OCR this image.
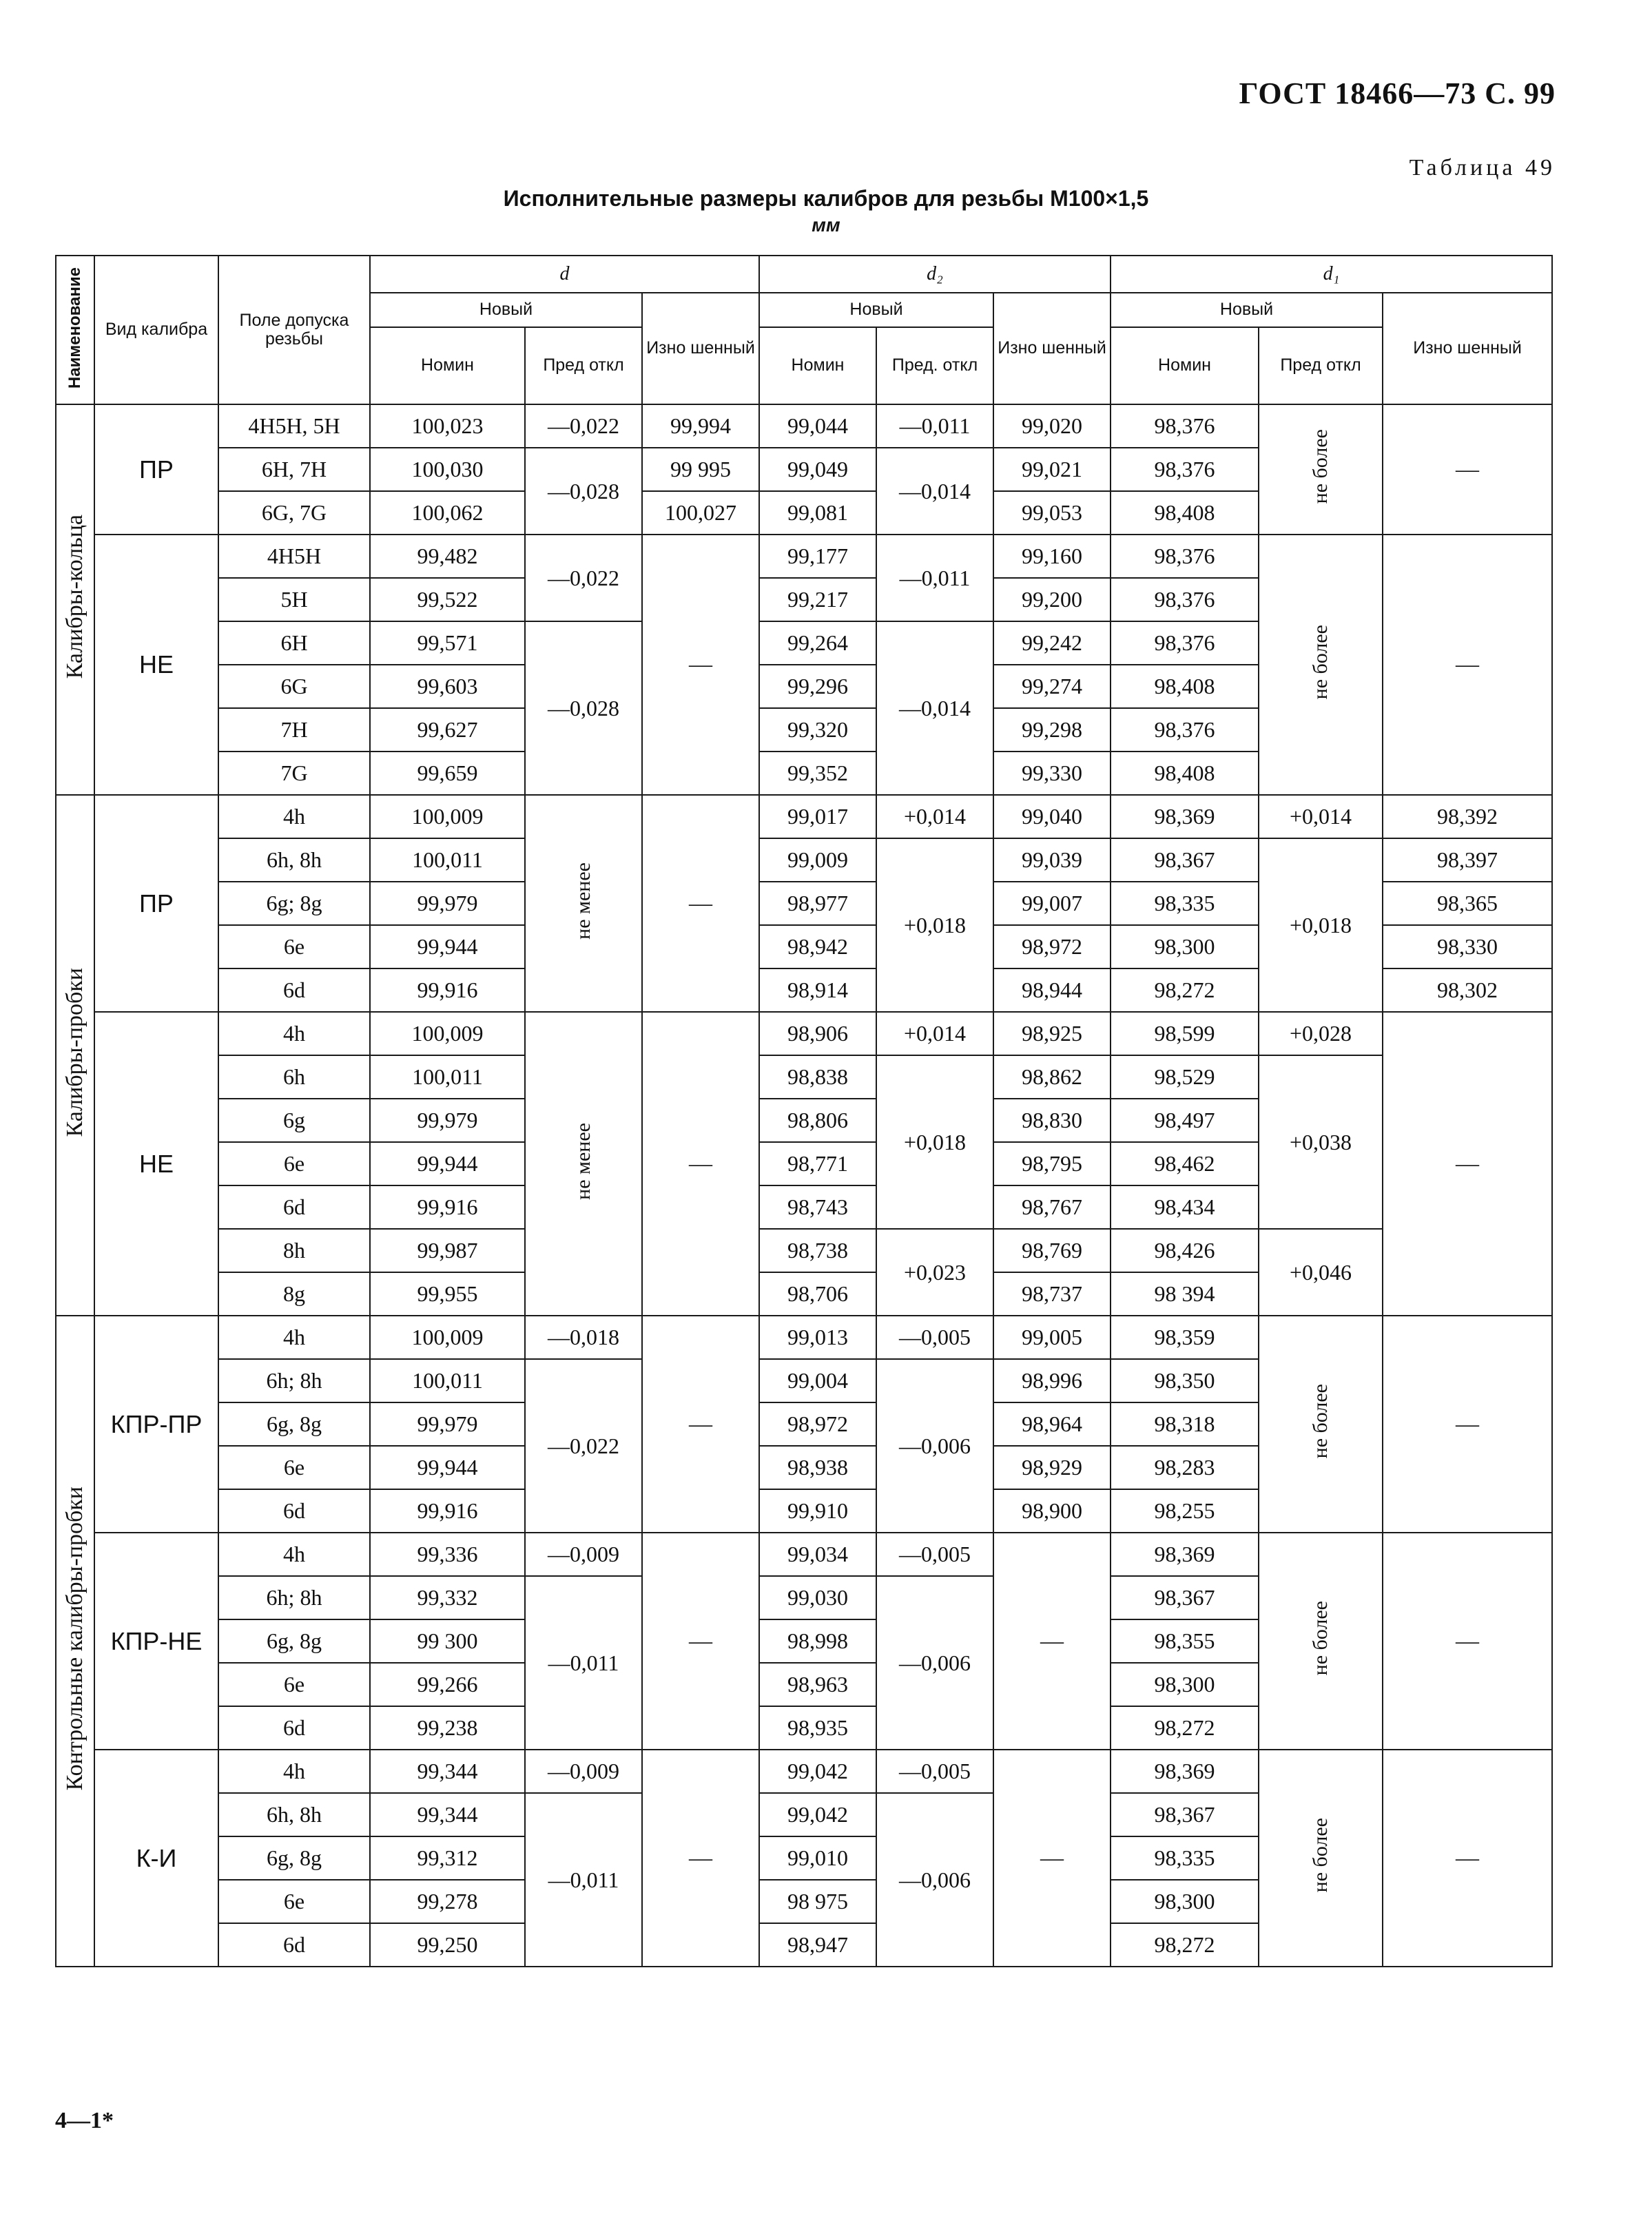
ГОСТ 18466—73 С. 99
Таблица 49
Исполнительные размеры калибров для резьбы М100×1,5
мм
Наименование	Вид калибра	Поле допуска резьбы	d			d₂			d₁		
			Новый		Изно шенный	Новый		Изно шенный	Новый		Изно шенный
			Номин	Пред откл		Номин	Пред. откл		Номин	Пред откл	
Калибры-кольца	ПР	4H5H, 5H	100,023	—0,022	99,994	99,044	—0,011	99,020	98,376	не более	—
		6H, 7H	100,030	—0,028	99 995	99,049	—0,014	99,021	98,376		
		6G, 7G	100,062		100,027	99,081		99,053	98,408		
	НЕ	4H5H	99,482	—0,022	—	99,177	—0,011	99,160	98,376	не более	—
		5H	99,522			99,217		99,200	98,376		
		6H	99,571	—0,028		99,264	—0,014	99,242	98,376		
		6G	99,603			99,296		99,274	98,408		
		7H	99,627			99,320		99,298	98,376		
		7G	99,659			99,352		99,330	98,408		
Калибры-пробки	ПР	4h	100,009	не менее	—	99,017	+0,014	99,040	98,369	+0,014	98,392
		6h, 8h	100,011			99,009	+0,018	99,039	98,367	+0,018	98,397
		6g; 8g	99,979			98,977		99,007	98,335		98,365
		6e	99,944			98,942		98,972	98,300		98,330
		6d	99,916			98,914		98,944	98,272		98,302
	НЕ	4h	100,009	не менее	—	98,906	+0,014	98,925	98,599	+0,028	—
		6h	100,011			98,838	+0,018	98,862	98,529	+0,038	
		6g	99,979			98,806		98,830	98,497		
		6e	99,944			98,771		98,795	98,462		
		6d	99,916			98,743		98,767	98,434		
		8h	99,987			98,738	+0,023	98,769	98,426	+0,046	
		8g	99,955			98,706		98,737	98 394		
Контрольные калибры-пробки	КПР-ПР	4h	100,009	—0,018	—	99,013	—0,005	99,005	98,359	не более	—
		6h; 8h	100,011	—0,022		99,004	—0,006	98,996	98,350		
		6g, 8g	99,979			98,972		98,964	98,318		
		6e	99,944			98,938		98,929	98,283		
		6d	99,916			99,910		98,900	98,255		
	КПР-НЕ	4h	99,336	—0,009	—	99,034	—0,005	—	98,369	не более	—
		6h; 8h	99,332	—0,011		99,030	—0,006		98,367		
		6g, 8g	99 300			98,998			98,355		
		6e	99,266			98,963			98,300		
		6d	99,238			98,935			98,272		
	К-И	4h	99,344	—0,009	—	99,042	—0,005	—	98,369	не более	—
		6h, 8h	99,344	—0,011		99,042	—0,006		98,367		
		6g, 8g	99,312			99,010			98,335		
		6e	99,278			98 975			98,300		
		6d	99,250			98,947			98,272		
4—1*
